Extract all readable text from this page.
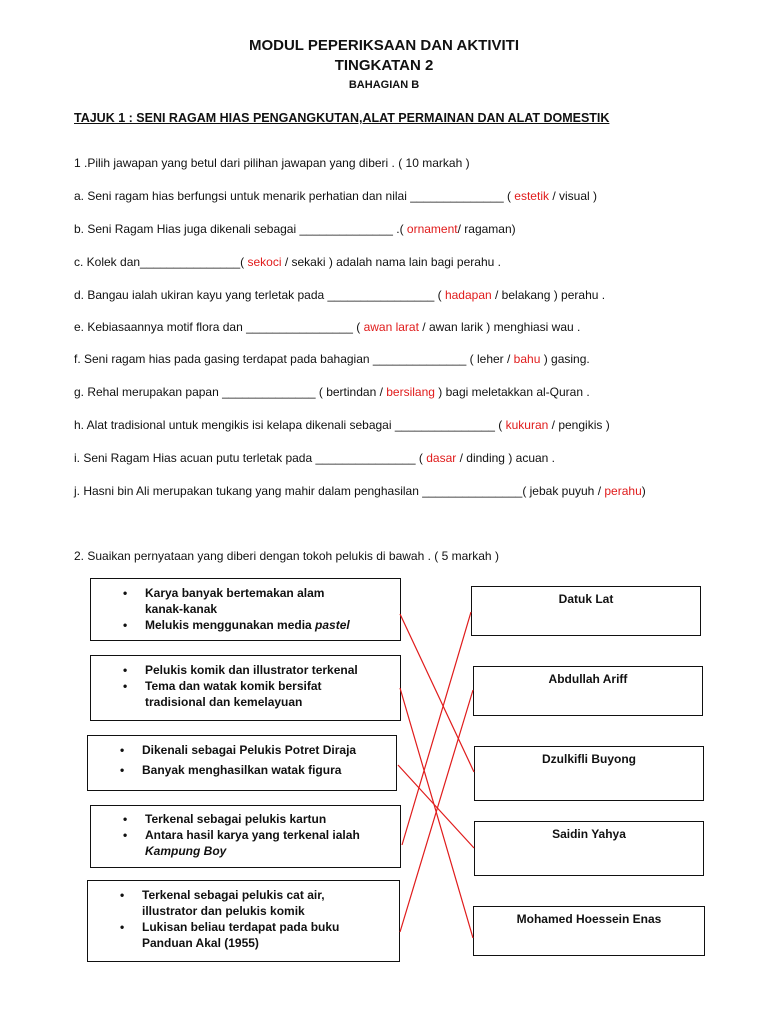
MODUL PEPERIKSAAN DAN AKTIVITI
TINGKATAN 2
BAHAGIAN B
TAJUK 1 : SENI RAGAM HIAS PENGANGKUTAN,ALAT PERMAINAN DAN ALAT DOMESTIK
1 .Pilih jawapan yang betul dari pilihan jawapan yang diberi . ( 10 markah )
a. Seni ragam hias berfungsi untuk menarik perhatian dan nilai ______________ ( estetik / visual )
b. Seni Ragam Hias juga dikenali sebagai ______________ .( ornament/ ragaman)
c. Kolek dan_______________( sekoci / sekaki ) adalah nama lain bagi perahu .
d. Bangau ialah ukiran kayu yang terletak pada ________________ ( hadapan / belakang ) perahu .
e. Kebiasaannya motif flora dan ________________ ( awan larat / awan larik ) menghiasi wau .
f. Seni ragam hias pada gasing terdapat pada bahagian ______________ ( leher / bahu ) gasing.
g. Rehal merupakan papan ______________ ( bertindan / bersilang ) bagi meletakkan al-Quran .
h. Alat tradisional untuk mengikis isi kelapa dikenali sebagai _______________ ( kukuran / pengikis )
i. Seni Ragam Hias acuan putu terletak pada _______________ ( dasar / dinding ) acuan .
j. Hasni bin Ali merupakan tukang yang mahir dalam penghasilan _______________( jebak puyuh / perahu)
2. Suaikan pernyataan yang diberi dengan tokoh pelukis di bawah . ( 5 markah )
• Karya banyak bertemakan alam kanak-kanak
• Melukis menggunakan media pastel
• Pelukis komik dan illustrator terkenal
• Tema dan watak komik bersifat tradisional dan kemelayuan
• Dikenali sebagai Pelukis Potret Diraja
• Banyak menghasilkan watak figura
• Terkenal sebagai pelukis kartun
• Antara hasil karya yang terkenal ialah Kampung Boy
• Terkenal sebagai pelukis cat air, illustrator dan pelukis komik
• Lukisan beliau terdapat pada buku Panduan Akal (1955)
Datuk Lat
Abdullah Ariff
Dzulkifli Buyong
Saidin Yahya
Mohamed Hoessein Enas
